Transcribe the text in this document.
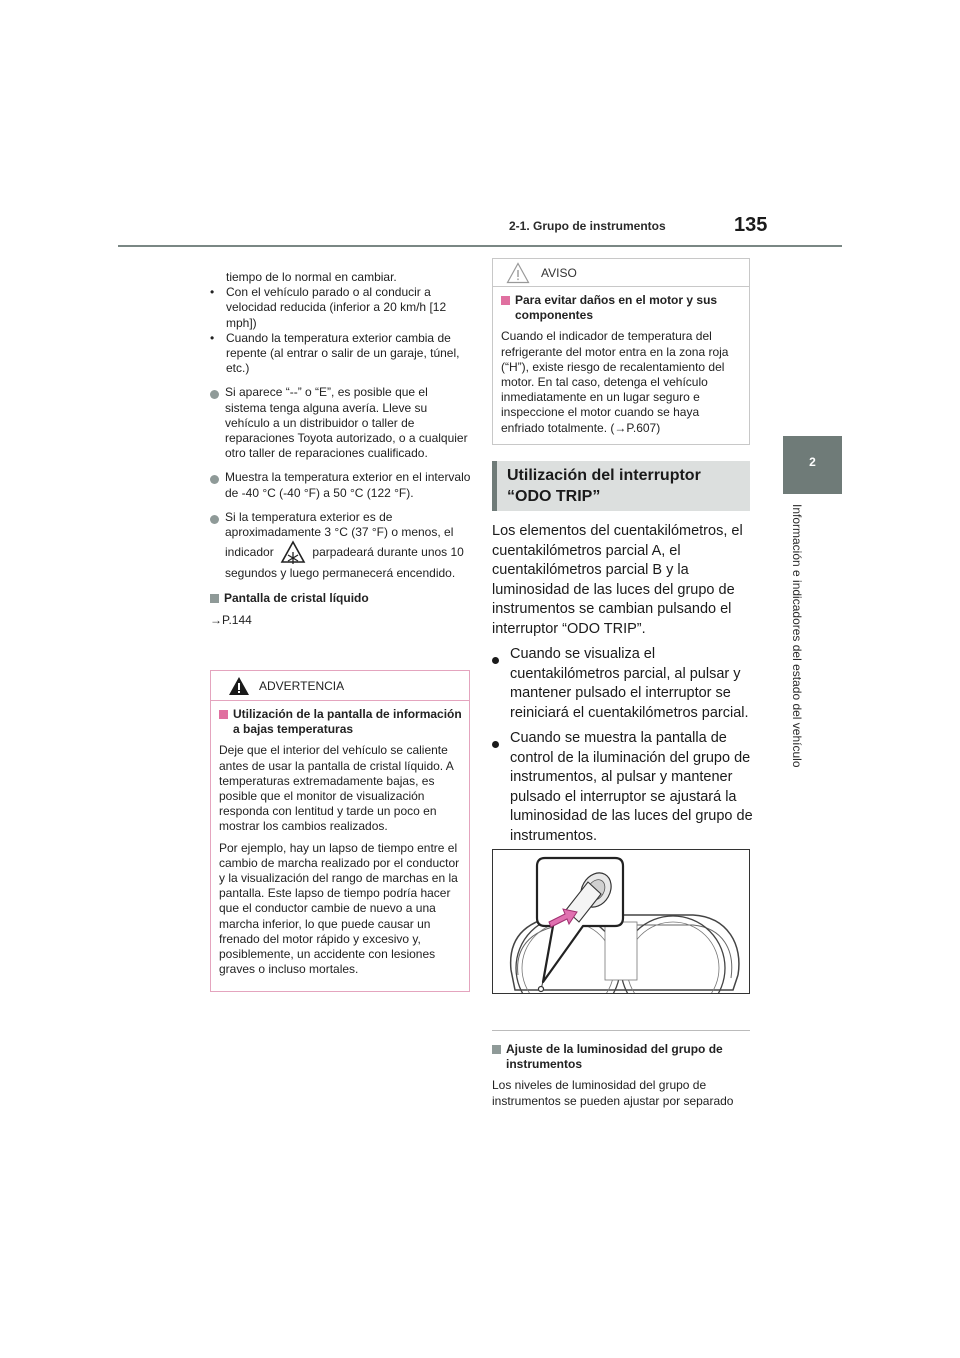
2-1. Grupo de instrumentos	135
2
Información e indicadores del estado del vehículo
tiempo de lo normal en cambiar.
• Con el vehículo parado o al conducir a velocidad reducida (inferior a 20 km/h [12 mph])
• Cuando la temperatura exterior cambia de repente (al entrar o salir de un garaje, túnel, etc.)
Si aparece “--” o “E”, es posible que el sistema tenga alguna avería. Lleve su vehículo a un distribuidor o taller de reparaciones Toyota autorizado, o a cualquier otro taller de reparaciones cualificado.
Muestra la temperatura exterior en el intervalo de -40 °C (-40 °F) a 50 °C (122 °F).
Si la temperatura exterior es de aproximadamente 3 °C (37 °F) o menos, el indicador	parpadeará durante unos 10 segundos y luego permanecerá encendido.
Pantalla de cristal líquido
→P.144
ADVERTENCIA
Utilización de la pantalla de información a bajas temperaturas

Deje que el interior del vehículo se caliente antes de usar la pantalla de cristal líquido. A temperaturas extremadamente bajas, es posible que el monitor de visualización responda con lentitud y tarde un poco en mostrar los cambios realizados.

Por ejemplo, hay un lapso de tiempo entre el cambio de marcha realizado por el conductor y la visualización del rango de marchas en la pantalla. Este lapso de tiempo podría hacer que el conductor cambie de nuevo a una marcha inferior, lo que puede causar un frenado del motor rápido y excesivo y, posiblemente, un accidente con lesiones graves o incluso mortales.

AVISO
Para evitar daños en el motor y sus componentes

Cuando el indicador de temperatura del refrigerante del motor entra en la zona roja (“H”), existe riesgo de recalentamiento del motor. En tal caso, detenga el vehículo inmediatamente en un lugar seguro e inspeccione el motor cuando se haya enfriado totalmente. (→P.607)

Utilización del interruptor
“ODO TRIP”
Los elementos del cuentakilómetros, el cuentakilómetros parcial A, el cuentakilómetros parcial B y la luminosidad de las luces del grupo de instrumentos se cambian pulsando el interruptor “ODO TRIP”.
Cuando se visualiza el cuentakilómetros parcial, al pulsar y mantener pulsado el interruptor se reiniciará el cuentakilómetros parcial.
Cuando se muestra la pantalla de control de la iluminación del grupo de instrumentos, al pulsar y mantener pulsado el interruptor se ajustará la luminosidad de las luces del grupo de instrumentos.
Ajuste de la luminosidad del grupo de instrumentos

Los niveles de luminosidad del grupo de instrumentos se pueden ajustar por separado
